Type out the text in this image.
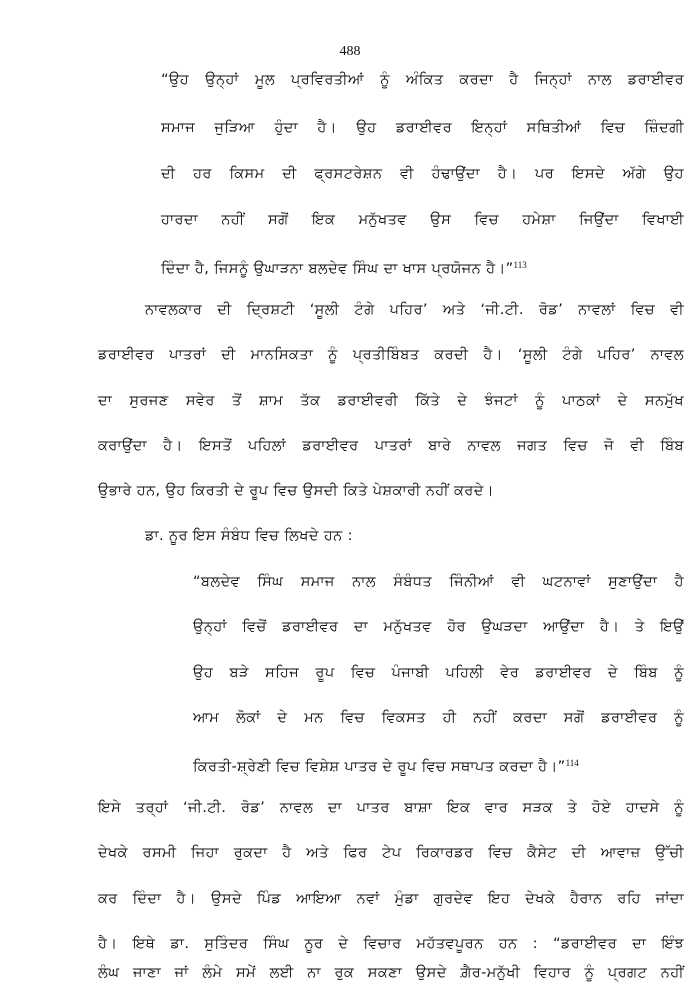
488
“ਉਹ ਉਨ੍ਹਾਂ ਮੂਲ ਪ੍ਰਵਿਰਤੀਆਂ ਨੂੰ ਅੰਕਿਤ ਕਰਦਾ ਹੈ ਜਿਨ੍ਹਾਂ ਨਾਲ ਡਰਾਈਵਰ
ਸਮਾਜ ਜੁੜਿਆ ਹੁੰਦਾ ਹੈ। ਉਹ ਡਰਾਈਵਰ ਇਨ੍ਹਾਂ ਸਥਿਤੀਆਂ ਵਿਚ ਜ਼ਿੰਦਗੀ
ਦੀ ਹਰ ਕਿਸਮ ਦੀ ਫ੍ਰਸਟਰੇਸ਼ਨ ਵੀ ਹੰਢਾਉਂਦਾ ਹੈ। ਪਰ ਇਸਦੇ ਅੱਗੇ ਉਹ
ਹਾਰਦਾ ਨਹੀਂ ਸਗੋਂ ਇਕ ਮਨੁੱਖਤਵ ਉਸ ਵਿਚ ਹਮੇਸ਼ਾ ਜਿਉਂਦਾ ਵਿਖਾਈ
ਦਿੰਦਾ ਹੈ, ਜਿਸਨੂੰ ਉਘਾੜਨਾ ਬਲਦੇਵ ਸਿੰਘ ਦਾ ਖਾਸ ਪ੍ਰਯੋਜਨ ਹੈ।”$^{113}$
ਨਾਵਲਕਾਰ ਦੀ ਦ੍ਰਿਸ਼ਟੀ ‘ਸੂਲੀ ਟੰਗੇ ਪਹਿਰ’ ਅਤੇ ‘ਜੀ.ਟੀ. ਰੋਡ’ ਨਾਵਲਾਂ ਵਿਚ ਵੀ
ਡਰਾਈਵਰ ਪਾਤਰਾਂ ਦੀ ਮਾਨਸਿਕਤਾ ਨੂੰ ਪ੍ਰਤੀਬਿੰਬਤ ਕਰਦੀ ਹੈ। ‘ਸੂਲੀ ਟੰਗੇ ਪਹਿਰ’ ਨਾਵਲ
ਦਾ ਸੁਰਜਣ ਸਵੇਰ ਤੋਂ ਸ਼ਾਮ ਤੱਕ ਡਰਾਈਵਰੀ ਕਿੱਤੇ ਦੇ ਝੰਜਟਾਂ ਨੂੰ ਪਾਠਕਾਂ ਦੇ ਸਨਮੁੱਖ
ਕਰਾਉਂਦਾ ਹੈ। ਇਸਤੋਂ ਪਹਿਲਾਂ ਡਰਾਈਵਰ ਪਾਤਰਾਂ ਬਾਰੇ ਨਾਵਲ ਜਗਤ ਵਿਚ ਜੋ ਵੀ ਬਿੰਬ
ਉਭਾਰੇ ਹਨ, ਉਹ ਕਿਰਤੀ ਦੇ ਰੂਪ ਵਿਚ ਉਸਦੀ ਕਿਤੇ ਪੇਸ਼ਕਾਰੀ ਨਹੀਂ ਕਰਦੇ।
ਡਾ. ਨੂਰ ਇਸ ਸੰਬੰਧ ਵਿਚ ਲਿਖਦੇ ਹਨ :
“ਬਲਦੇਵ ਸਿੰਘ ਸਮਾਜ ਨਾਲ ਸੰਬੰਧਤ ਜਿੰਨੀਆਂ ਵੀ ਘਟਨਾਵਾਂ ਸੁਣਾਉਂਦਾ ਹੈ
ਉਨ੍ਹਾਂ ਵਿਚੋਂ ਡਰਾਈਵਰ ਦਾ ਮਨੁੱਖਤਵ ਹੋਰ ਉਘੜਦਾ ਆਉਂਦਾ ਹੈ। ਤੇ ਇਉਂ
ਉਹ ਬੜੇ ਸਹਿਜ ਰੂਪ ਵਿਚ ਪੰਜਾਬੀ ਪਹਿਲੀ ਵੇਰ ਡਰਾਈਵਰ ਦੇ ਬਿੰਬ ਨੂੰ
ਆਮ ਲੋਕਾਂ ਦੇ ਮਨ ਵਿਚ ਵਿਕਸਤ ਹੀ ਨਹੀਂ ਕਰਦਾ ਸਗੋਂ ਡਰਾਈਵਰ ਨੂੰ
ਕਿਰਤੀ-ਸ਼੍ਰੇਣੀ ਵਿਚ ਵਿਸ਼ੇਸ਼ ਪਾਤਰ ਦੇ ਰੂਪ ਵਿਚ ਸਥਾਪਤ ਕਰਦਾ ਹੈ।”$^{114}$
ਇਸੇ ਤਰ੍ਹਾਂ ‘ਜੀ.ਟੀ. ਰੋਡ’ ਨਾਵਲ ਦਾ ਪਾਤਰ ਬਾਸ਼ਾ ਇਕ ਵਾਰ ਸੜਕ ਤੇ ਹੋਏ ਹਾਦਸੇ ਨੂੰ
ਦੇਖਕੇ ਰਸਮੀ ਜਿਹਾ ਰੁਕਦਾ ਹੈ ਅਤੇ ਫਿਰ ਟੇਪ ਰਿਕਾਰਡਰ ਵਿਚ ਕੈਸੇਟ ਦੀ ਆਵਾਜ਼ ਉੱਚੀ
ਕਰ ਦਿੰਦਾ ਹੈ। ਉਸਦੇ ਪਿੰਡ ਆਇਆ ਨਵਾਂ ਮੁੰਡਾ ਗੁਰਦੇਵ ਇਹ ਦੇਖਕੇ ਹੈਰਾਨ ਰਹਿ ਜਾਂਦਾ
ਹੈ। ਇਥੇ ਡਾ. ਸੁਤਿੰਦਰ ਸਿੰਘ ਨੂਰ ਦੇ ਵਿਚਾਰ ਮਹੱਤਵਪੂਰਨ ਹਨ : “ਡਰਾਈਵਰ ਦਾ ਇੰਝ
ਲੰਘ ਜਾਣਾ ਜਾਂ ਲੰਮੇ ਸਮੇਂ ਲਈ ਨਾ ਰੁਕ ਸਕਣਾ ਉਸਦੇ ਗ਼ੈਰ-ਮਨੁੱਖੀ ਵਿਹਾਰ ਨੂੰ ਪ੍ਰਗਟ ਨਹੀਂ
